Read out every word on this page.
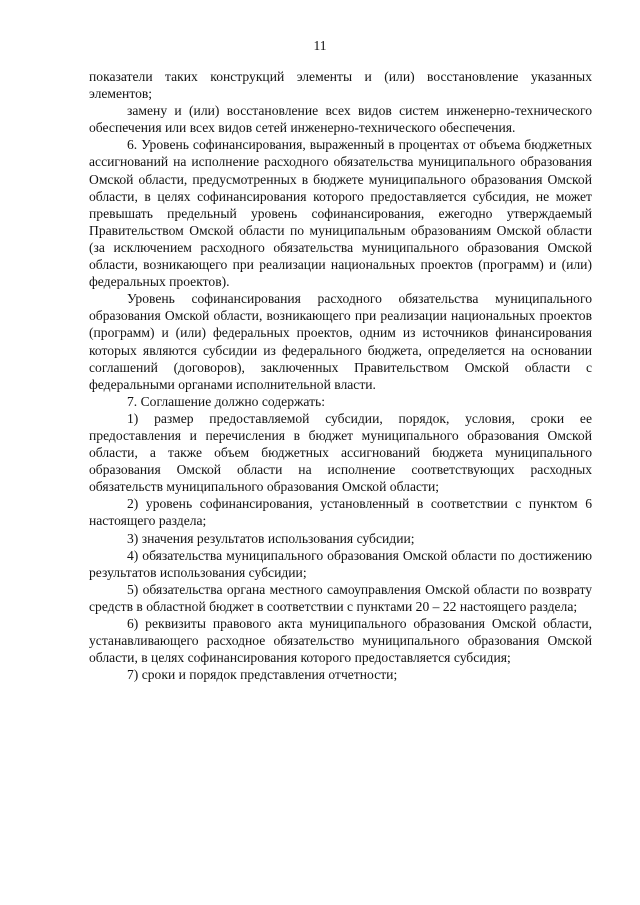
11

показатели таких конструкций элементы и (или) восстановление указанных элементов;

замену и (или) восстановление всех видов систем инженерно-технического обеспечения или всех видов сетей инженерно-технического обеспечения.

6. Уровень софинансирования, выраженный в процентах от объема бюджетных ассигнований на исполнение расходного обязательства муниципального образования Омской области, предусмотренных в бюджете муниципального образования Омской области, в целях софинансирования которого предоставляется субсидия, не может превышать предельный уровень софинансирования, ежегодно утверждаемый Правительством Омской области по муниципальным образованиям Омской области (за исключением расходного обязательства муниципального образования Омской области, возникающего при реализации национальных проектов (программ) и (или) федеральных проектов).

Уровень софинансирования расходного обязательства муниципального образования Омской области, возникающего при реализации национальных проектов (программ) и (или) федеральных проектов, одним из источников финансирования которых являются субсидии из федерального бюджета, определяется на основании соглашений (договоров), заключенных Правительством Омской области с федеральными органами исполнительной власти.

7. Соглашение должно содержать:

1) размер предоставляемой субсидии, порядок, условия, сроки ее предоставления и перечисления в бюджет муниципального образования Омской области, а также объем бюджетных ассигнований бюджета муниципального образования Омской области на исполнение соответствующих расходных обязательств муниципального образования Омской области;

2) уровень софинансирования, установленный в соответствии с пунктом 6 настоящего раздела;

3) значения результатов использования субсидии;

4) обязательства муниципального образования Омской области по достижению результатов использования субсидии;

5) обязательства органа местного самоуправления Омской области по возврату средств в областной бюджет в соответствии с пунктами 20 – 22 настоящего раздела;

6) реквизиты правового акта муниципального образования Омской области, устанавливающего расходное обязательство муниципального образования Омской области, в целях софинансирования которого предоставляется субсидия;

7) сроки и порядок представления отчетности;
